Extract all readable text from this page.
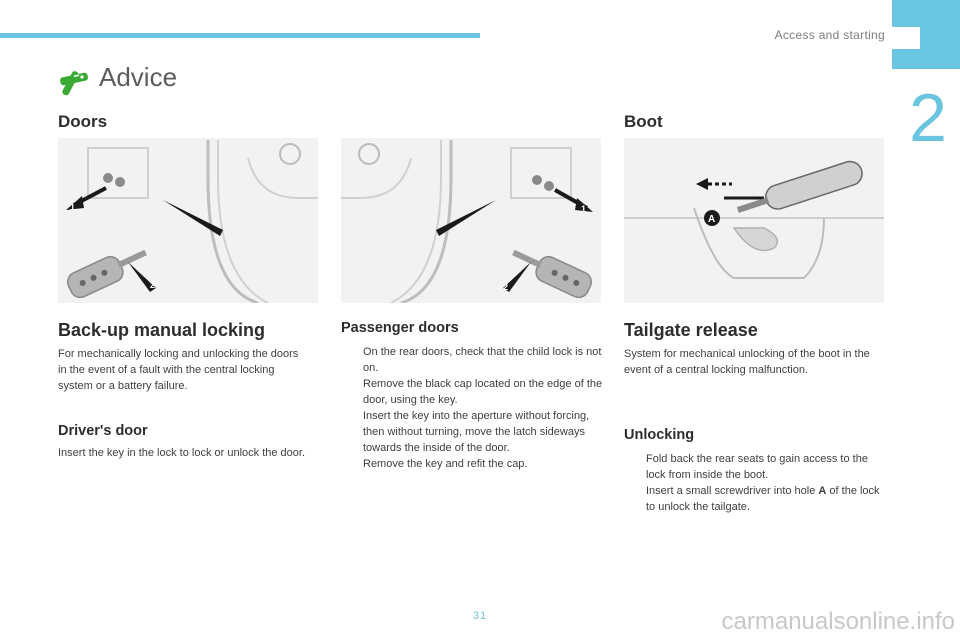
Access and starting
2
Advice
Doors	Boot
1
2
1
2
A
Back-up manual locking

For mechanically locking and unlocking the doors in the event of a fault with the central locking system or a battery failure.

Driver's door

Insert the key in the lock to lock or unlock the door.

Passenger doors
On the rear doors, check that the child lock is not on.
Remove the black cap located on the edge of the door, using the key.
Insert the key into the aperture without forcing, then without turning, move the latch sideways towards the inside of the door.
Remove the key and refit the cap.
Tailgate release

System for mechanical unlocking of the boot in the event of a central locking malfunction.

Unlocking
Fold back the rear seats to gain access to the lock from inside the boot.
Insert a small screwdriver into hole A of the lock to unlock the tailgate.
31	carmanualsonline.info
